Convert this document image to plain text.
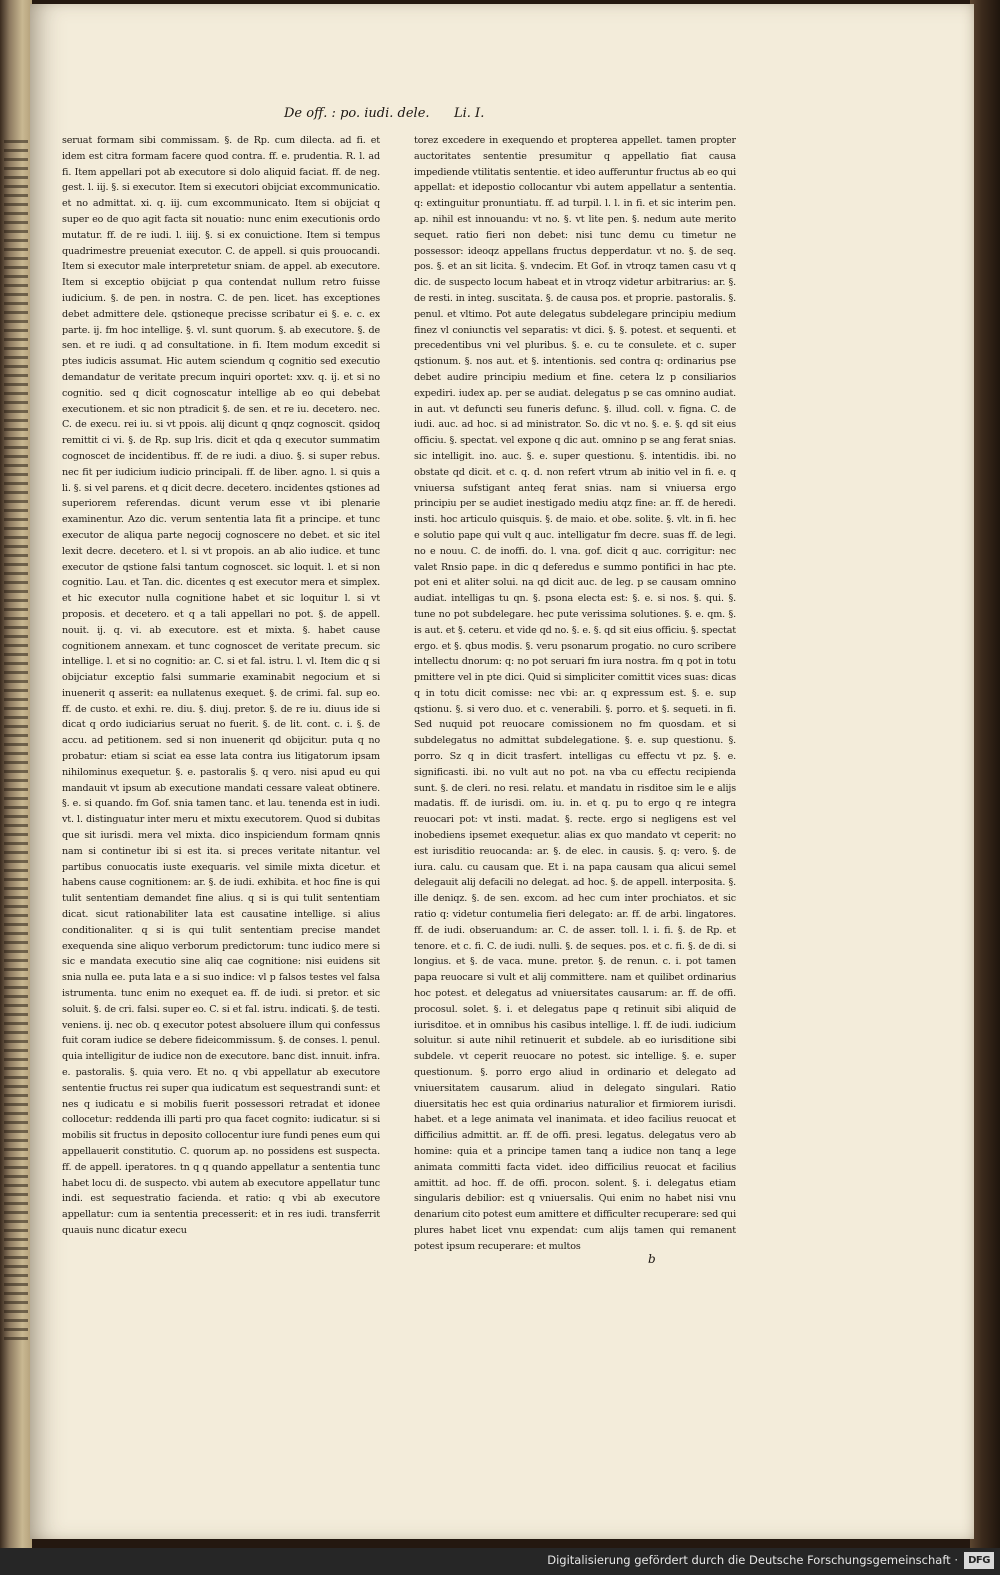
De off. : po. iudi. dele. Li. I.

seruat formam sibi commissam. §. de Rp. cum dilecta. ad fi. et idem est citra formam facere quod contra. ff. e. prudentia. R. l. ad fi. Item appellari pot ab executore si dolo aliquid faciat. ff. de neg. gest. l. iij. §. si executor. Item si executori obijciat excommunicatio. et no admittat. xi. q. iij. cum excommunicato. Item si obijciat q super eo de quo agit facta sit nouatio: nunc enim executionis ordo mutatur. ff. de re iudi. l. iiij. §. si ex conuictione. Item si tempus quadrimestre preueniat executor. C. de appell. si quis prouocandi. Item si executor male interpretetur sniam. de appel. ab executore. Item si exceptio obijciat p qua contendat nullum retro fuisse iudicium. §. de pen. in nostra. C. de pen. licet. has exceptiones debet admittere dele. qstioneque precisse scribatur ei §. e. c. ex parte. ij. fm hoc intellige. §. vl. sunt quorum. §. ab executore. §. de sen. et re iudi. q ad consultatione. in fi. Item modum excedit si ptes iudicis assumat. Hic autem sciendum q cognitio sed executio demandatur de veritate precum inquiri oportet: xxv. q. ij. et si no cognitio. sed q dicit cognoscatur intellige ab eo qui debebat executionem. et sic non ptradicit §. de sen. et re iu. decetero. nec. C. de execu. rei iu. si vt ppois. alij dicunt q qnqz cognoscit. qsidoq remittit ci vi. §. de Rp. sup lris. dicit et qda q executor summatim cognoscet de incidentibus. ff. de re iudi. a diuo. §. si super rebus. nec fit per iudicium iudicio principali. ff. de liber. agno. l. si quis a li. §. si vel parens. et q dicit decre. decetero. incidentes qstiones ad superiorem referendas. dicunt verum esse vt ibi plenarie examinentur. Azo dic. verum sententia lata fit a principe. et tunc executor de aliqua parte negocij cognoscere no debet. et sic itel lexit decre. decetero. et l. si vt propois. an ab alio iudice. et tunc executor de qstione falsi tantum cognoscet. sic loquit. l. et si non cognitio. Lau. et Tan. dic. dicentes q est executor mera et simplex. et hic executor nulla cognitione habet et sic loquitur l. si vt proposis. et decetero. et q a tali appellari no pot. §. de appell. nouit. ij. q. vi. ab executore. est et mixta. §. habet cause cognitionem annexam. et tunc cognoscet de veritate precum. sic intellige. l. et si no cognitio: ar. C. si et fal. istru. l. vl. Item dic q si obijciatur exceptio falsi summarie examinabit negocium et si inuenerit q asserit: ea nullatenus exequet. §. de crimi. fal. sup eo. ff. de custo. et exhi. re. diu. §. diuj. pretor. §. de re iu. diuus ide si dicat q ordo iudiciarius seruat no fuerit. §. de lit. cont. c. i. §. de accu. ad petitionem. sed si non inuenerit qd obijcitur. puta q no probatur: etiam si sciat ea esse lata contra ius litigatorum ipsam nihilominus exequetur. §. e. pastoralis §. q vero. nisi apud eu qui mandauit vt ipsum ab executione mandati cessare valeat obtinere. §. e. si quando. fm Gof. snia tamen tanc. et lau. tenenda est in iudi. vt. l. distinguatur inter meru et mixtu executorem. Quod si dubitas que sit iurisdi. mera vel mixta. dico inspiciendum formam qnnis nam si continetur ibi si est ita. si preces veritate nitantur. vel partibus conuocatis iuste exequaris. vel simile mixta dicetur. et habens cause cognitionem: ar. §. de iudi. exhibita. et hoc fine is qui tulit sententiam demandet fine alius. q si is qui tulit sententiam dicat. sicut rationabiliter lata est causatine intellige. si alius conditionaliter. q si is qui tulit sententiam precise mandet exequenda sine aliquo verborum predictorum: tunc iudico mere si sic e mandata executio sine aliq cae cognitione: nisi euidens sit snia nulla ee. puta lata e a si suo indice: vl p falsos testes vel falsa istrumenta. tunc enim no exequet ea. ff. de iudi. si pretor. et sic soluit. §. de cri. falsi. super eo. C. si et fal. istru. indicati. §. de testi. veniens. ij. nec ob. q executor potest absoluere illum qui confessus fuit coram iudice se debere fideicommissum. §. de conses. l. penul. quia intelligitur de iudice non de executore. banc dist. innuit. infra. e. pastoralis. §. quia vero. Et no. q vbi appellatur ab executore sententie fructus rei super qua iudicatum est sequestrandi sunt: et nes q iudicatu e si mobilis fuerit possessori retradat et idonee collocetur: reddenda illi parti pro qua facet cognito: iudicatur. si si mobilis sit fructus in deposito collocentur iure fundi penes eum qui appellauerit constitutio. C. quorum ap. no possidens est suspecta. ff. de appell. iperatores. tn q q quando appellatur a sententia tunc habet locu di. de suspecto. vbi autem ab executore appellatur tunc indi. est sequestratio facienda. et ratio: q vbi ab executore appellatur: cum ia sententia precesserit: et in res iudi. transferrit quauis nunc dicatur execu

torez excedere in exequendo et propterea appellet. tamen propter auctoritates sententie presumitur q appellatio fiat causa impediende vtilitatis sententie. et ideo aufferuntur fructus ab eo qui appellat: et idepostio collocantur vbi autem appellatur a sententia. q: extinguitur pronuntiatu. ff. ad turpil. l. l. in fi. et sic interim pen. ap. nihil est innouandu: vt no. §. vt lite pen. §. nedum aute merito sequet. ratio fieri non debet: nisi tunc demu cu timetur ne possessor: ideoqz appellans fructus depperdatur. vt no. §. de seq. pos. §. et an sit licita. §. vndecim. Et Gof. in vtroqz tamen casu vt q dic. de suspecto locum habeat et in vtroqz videtur arbitrarius: ar. §. de resti. in integ. suscitata. §. de causa pos. et proprie. pastoralis. §. penul. et vltimo. Pot aute delegatus subdelegare principiu medium finez vl coniunctis vel separatis: vt dici. §. §. potest. et sequenti. et precedentibus vni vel pluribus. §. e. cu te consulete. et c. super qstionum. §. nos aut. et §. intentionis. sed contra q: ordinarius pse debet audire principiu medium et fine. cetera lz p consiliarios expediri. iudex ap. per se audiat. delegatus p se cas omnino audiat. in aut. vt defuncti seu funeris defunc. §. illud. coll. v. figna. C. de iudi. auc. ad hoc. si ad ministrator. So. dic vt no. §. e. §. qd sit eius officiu. §. spectat. vel expone q dic aut. omnino p se ang ferat snias. sic intelligit. ino. auc. §. e. super questionu. §. intentidis. ibi. no obstate qd dicit. et c. q. d. non refert vtrum ab initio vel in fi. e. q vniuersa sufstigant anteq ferat snias. nam si vniuersa ergo principiu per se audiet inestigado mediu atqz fine: ar. ff. de heredi. insti. hoc articulo quisquis. §. de maio. et obe. solite. §. vlt. in fi. hec e solutio pape qui vult q auc. intelligatur fm decre. suas ff. de legi. no e nouu. C. de inoffi. do. l. vna. gof. dicit q auc. corrigitur: nec valet Rnsio pape. in dic q deferedus e summo pontifici in hac pte. pot eni et aliter solui. na qd dicit auc. de leg. p se causam omnino audiat. intelligas tu qn. §. psona electa est: §. e. si nos. §. qui. §. tune no pot subdelegare. hec pute verissima solutiones. §. e. qm. §. is aut. et §. ceteru. et vide qd no. §. e. §. qd sit eius officiu. §. spectat ergo. et §. qbus modis. §. veru psonarum progatio. no curo scribere intellectu dnorum: q: no pot seruari fm iura nostra. fm q pot in totu pmittere vel in pte dici. Quid si simpliciter comittit vices suas: dicas q in totu dicit comisse: nec vbi: ar. q expressum est. §. e. sup qstionu. §. si vero duo. et c. venerabili. §. porro. et §. sequeti. in fi. Sed nuquid pot reuocare comissionem no fm quosdam. et si subdelegatus no admittat subdelegatione. §. e. sup questionu. §. porro. Sz q in dicit trasfert. intelligas cu effectu vt pz. §. e. significasti. ibi. no vult aut no pot. na vba cu effectu recipienda sunt. §. de cleri. no resi. relatu. et mandatu in risditoe sim le e alijs madatis. ff. de iurisdi. om. iu. in. et q. pu to ergo q re integra reuocari pot: vt insti. madat. §. recte. ergo si negligens est vel inobediens ipsemet exequetur. alias ex quo mandato vt ceperit: no est iurisditio reuocanda: ar. §. de elec. in causis. §. q: vero. §. de iura. calu. cu causam que. Et i. na papa causam qua alicui semel delegauit alij defacili no delegat. ad hoc. §. de appell. interposita. §. ille deniqz. §. de sen. excom. ad hec cum inter prochiatos. et sic ratio q: videtur contumelia fieri delegato: ar. ff. de arbi. lingatores. ff. de iudi. obseruandum: ar. C. de asser. toll. l. i. fi. §. de Rp. et tenore. et c. fi. C. de iudi. nulli. §. de seques. pos. et c. fi. §. de di. si longius. et §. de vaca. mune. pretor. §. de renun. c. i. pot tamen papa reuocare si vult et alij committere. nam et quilibet ordinarius hoc potest. et delegatus ad vniuersitates causarum: ar. ff. de offi. procosul. solet. §. i. et delegatus pape q retinuit sibi aliquid de iurisditoe. et in omnibus his casibus intellige. l. ff. de iudi. iudicium soluitur. si aute nihil retinuerit et subdele. ab eo iurisditione sibi subdele. vt ceperit reuocare no potest. sic intellige. §. e. super questionum. §. porro ergo aliud in ordinario et delegato ad vniuersitatem causarum. aliud in delegato singulari. Ratio diuersitatis hec est quia ordinarius naturalior et firmiorem iurisdi. habet. et a lege animata vel inanimata. et ideo facilius reuocat et difficilius admittit. ar. ff. de offi. presi. legatus. delegatus vero ab homine: quia et a principe tamen tanq a iudice non tanq a lege animata committi facta videt. ideo difficilius reuocat et facilius amittit. ad hoc. ff. de offi. procon. solent. §. i. delegatus etiam singularis debilior: est q vniuersalis. Qui enim no habet nisi vnu denarium cito potest eum amittere et difficulter recuperare: sed qui plures habet licet vnu expendat: cum alijs tamen qui remanent potest ipsum recuperare: et multos

b
Digitalisierung gefördert durch die Deutsche Forschungsgemeinschaft ·	DFG
